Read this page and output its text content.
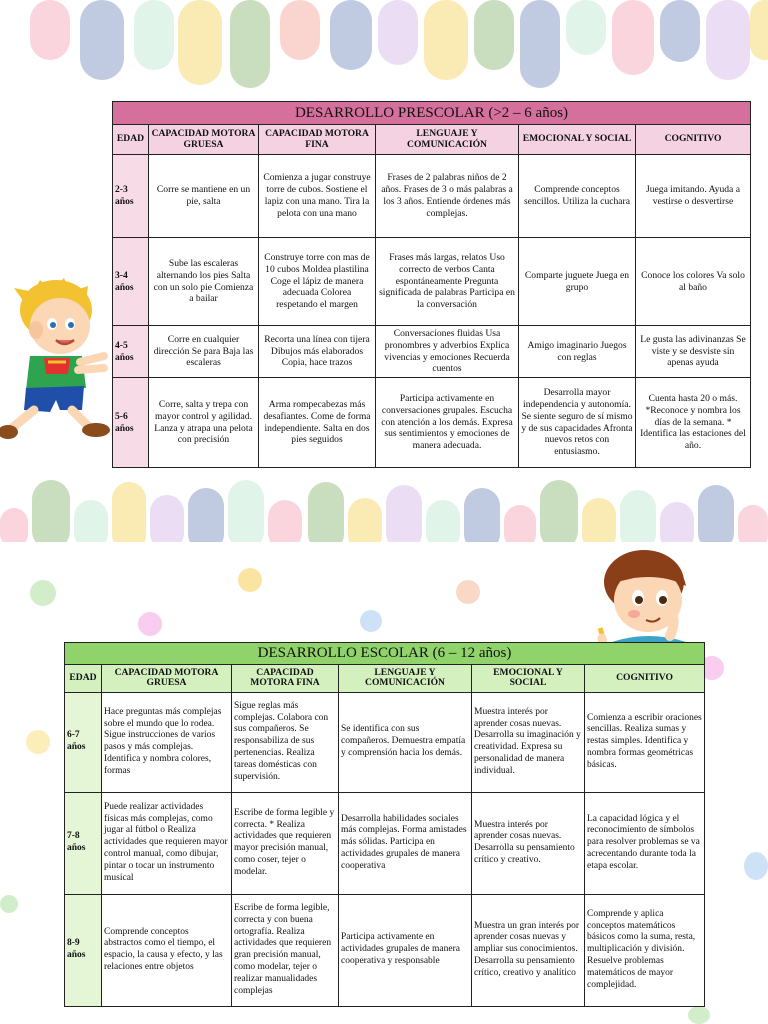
DESARROLLO PRESCOLAR (>2 – 6 años)					
EDAD	CAPACIDAD MOTORA GRUESA	CAPACIDAD MOTORA FINA	LENGUAJE Y COMUNICACIÓN	EMOCIONAL Y SOCIAL	COGNITIVO
2-3 años	Corre se mantiene en un pie, salta	Comienza a jugar construye torre de cubos. Sostiene el lapiz con una mano. Tira la pelota con una mano	Frases de 2 palabras niños de 2 años. Frases de 3 o más palabras a los 3 años. Entiende órdenes más complejas.	Comprende conceptos sencillos. Utiliza la cuchara	Juega imitando. Ayuda a vestirse o desvertirse
3-4 años	Sube las escaleras alternando los pies Salta con un solo pie Comienza a bailar	Construye torre con mas de 10 cubos Moldea plastilina Coge el lápiz de manera adecuada Colorea respetando el margen	Frases más largas, relatos Uso correcto de verbos Canta espontáneamente Pregunta significada de palabras Participa en la conversación	Comparte juguete Juega en grupo	Conoce los colores Va solo al baño
4-5 años	Corre en cualquier dirección Se para Baja las escaleras	Recorta una línea con tijera Dibujos más elaborados Copia, hace trazos	Conversaciones fluidas Usa pronombres y adverbios Explica vivencias y emociones Recuerda cuentos	Amigo imaginario Juegos con reglas	Le gusta las adivinanzas Se viste y se desviste sin apenas ayuda
5-6 años	Corre, salta y trepa con mayor control y agilidad. Lanza y atrapa una pelota con precisión	Arma rompecabezas más desafiantes. Come de forma independiente. Salta en dos pies seguidos	Participa activamente en conversaciones grupales. Escucha con atención a los demás. Expresa sus sentimientos y emociones de manera adecuada.	Desarrolla mayor independencia y autonomía. Se siente seguro de sí mismo y de sus capacidades Afronta nuevos retos con entusiasmo.	Cuenta hasta 20 o más. *Reconoce y nombra los días de la semana. * Identifica las estaciones del año.
DESARROLLO ESCOLAR (6 – 12 años)					
EDAD	CAPACIDAD MOTORA GRUESA	CAPACIDAD MOTORA FINA	LENGUAJE Y COMUNICACIÓN	EMOCIONAL Y SOCIAL	COGNITIVO
6-7 años	Hace preguntas más complejas sobre el mundo que lo rodea. Sigue instrucciones de varios pasos y más complejas. Identifica y nombra colores, formas	Sigue reglas más complejas. Colabora con sus compañeros. Se responsabiliza de sus pertenencias. Realiza tareas domésticas con supervisión.	Se identifica con sus compañeros. Demuestra empatía y comprensión hacia los demás.	Muestra interés por aprender cosas nuevas. Desarrolla su imaginación y creatividad. Expresa su personalidad de manera individual.	Comienza a escribir oraciones sencillas. Realiza sumas y restas simples. Identifica y nombra formas geométricas básicas.
7-8 años	Puede realizar actividades físicas más complejas, como jugar al fútbol o Realiza actividades que requieren mayor control manual, como dibujar, pintar o tocar un instrumento musical	Escribe de forma legible y correcta. * Realiza actividades que requieren mayor precisión manual, como coser, tejer o modelar.	Desarrolla habilidades sociales más complejas. Forma amistades más sólidas. Participa en actividades grupales de manera cooperativa	Muestra interés por aprender cosas nuevas. Desarrolla su pensamiento crítico y creativo.	La capacidad lógica y el reconocimiento de símbolos para resolver problemas se va acrecentando durante toda la etapa escolar.
8-9 años	Comprende conceptos abstractos como el tiempo, el espacio, la causa y efecto, y las relaciones entre objetos	Escribe de forma legible, correcta y con buena ortografía. Realiza actividades que requieren gran precisión manual, como modelar, tejer o realizar manualidades complejas	Participa activamente en actividades grupales de manera cooperativa y responsable	Muestra un gran interés por aprender cosas nuevas y ampliar sus conocimientos. Desarrolla su pensamiento crítico, creativo y analítico	Comprende y aplica conceptos matemáticos básicos como la suma, resta, multiplicación y división. Resuelve problemas matemáticos de mayor complejidad.
